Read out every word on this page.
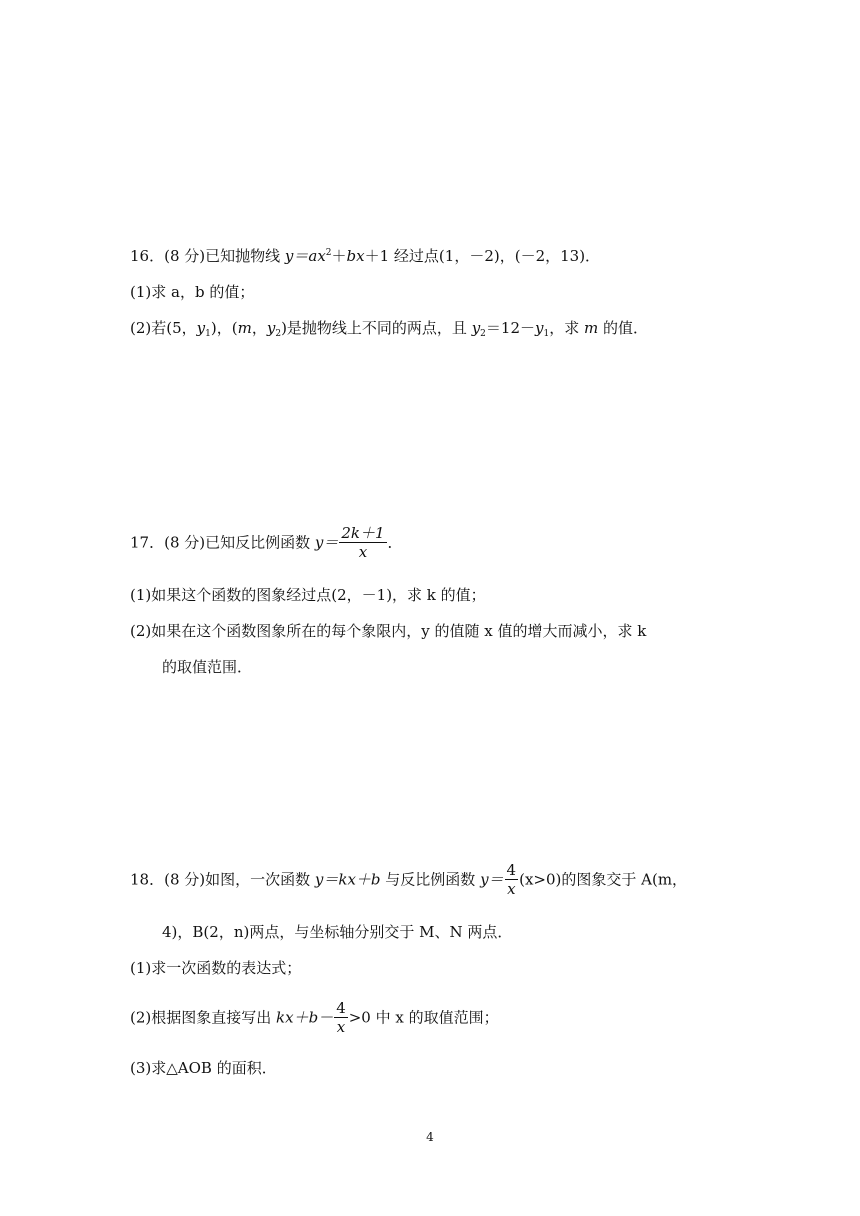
16．(8 分)已知抛物线 $y=ax^2+bx+1$ 经过点(1，－2)，(－2，13)．
(1)求 a，b 的值；
(2)若(5，$y_1$)，(m，$y_2$)是抛物线上不同的两点，且 $y_2=12-y_1$，求 m 的值．
17．(8 分)已知反比例函数 $y= \frac{2k+1}{x}$ ．
(1)如果这个函数的图象经过点(2，－1)，求 k 的值；
(2)如果在这个函数图象所在的每个象限内，y 的值随 x 值的增大而减小，求 k
的取值范围．
18．(8 分)如图，一次函数 y＝kx＋b 与反比例函数 $y= \frac{4}{x} (x>0)$的图象交于 A(m，
4)，B(2，n)两点，与坐标轴分别交于 M、N 两点．
(1)求一次函数的表达式；
(2)根据图象直接写出 $kx+b- \frac{4}{x} >0$ 中 x 的取值范围；
(3)求△AOB 的面积．
4
